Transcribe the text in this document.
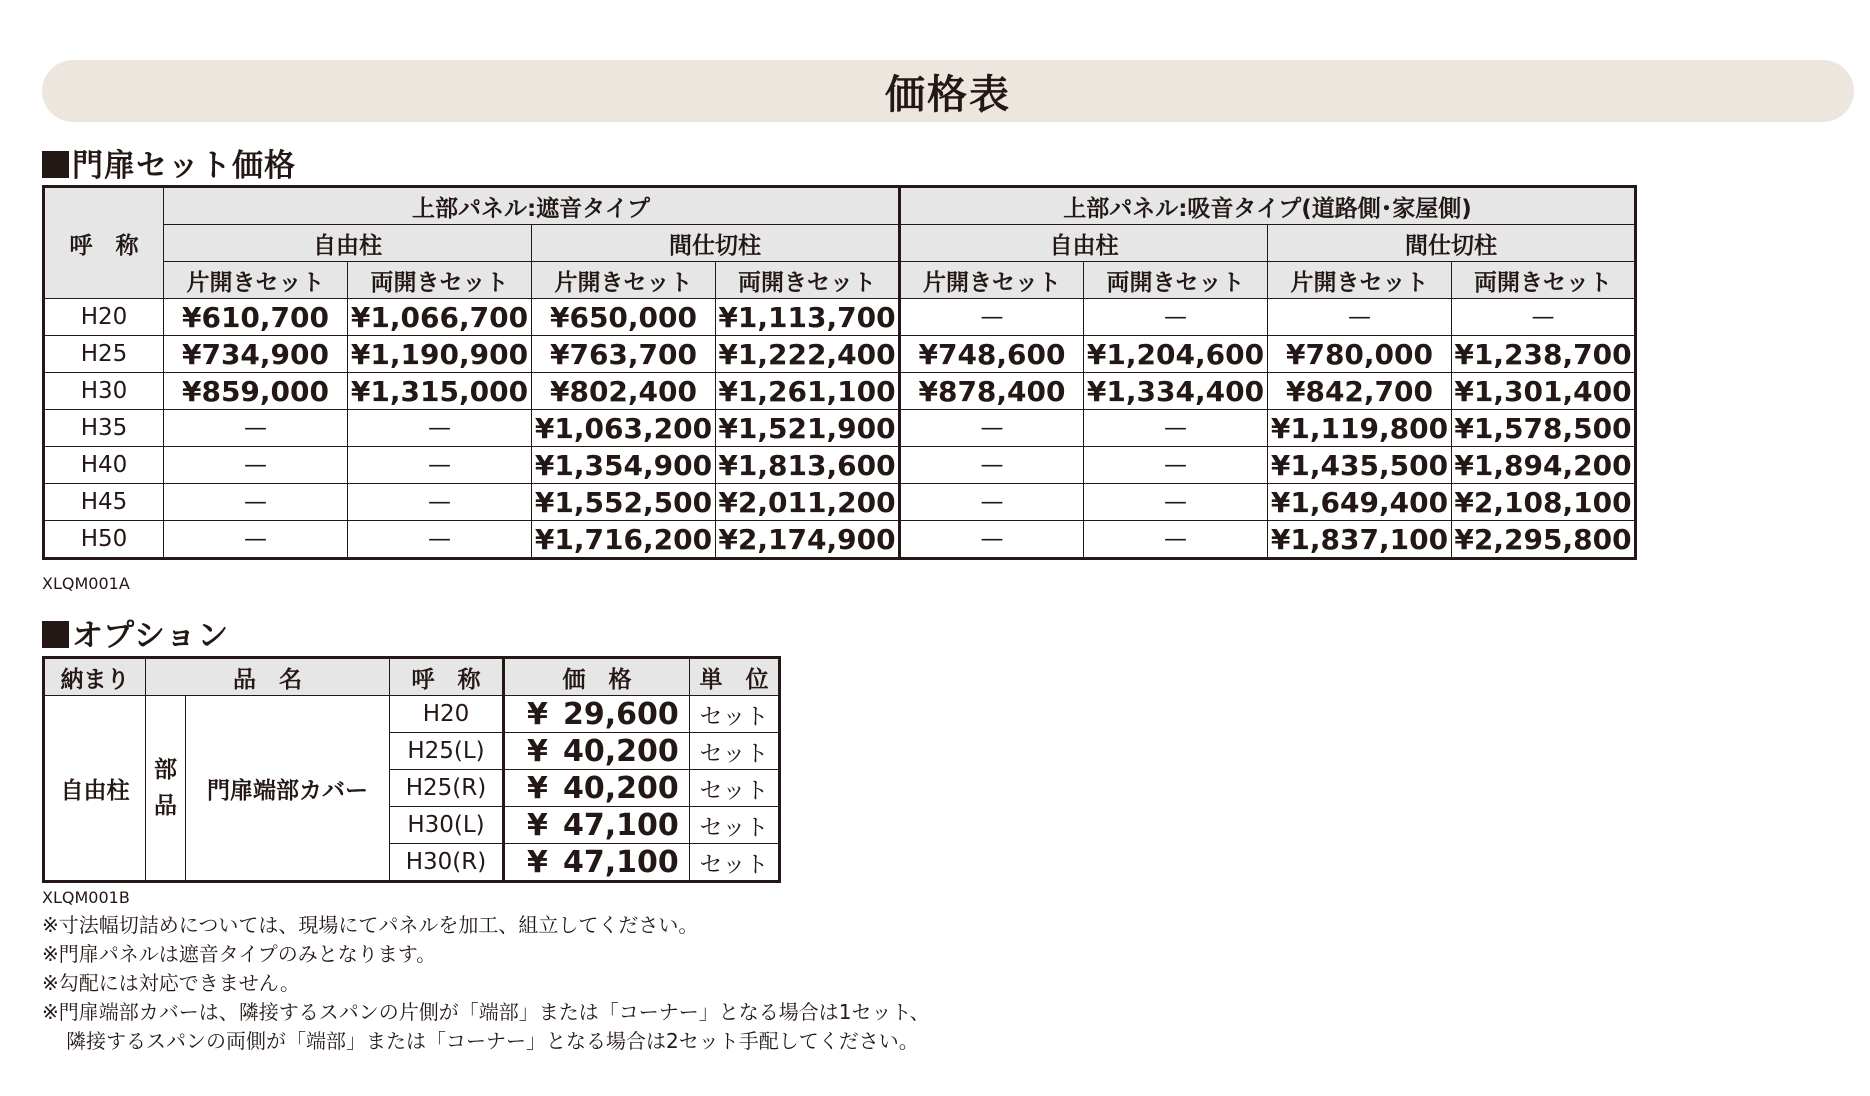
価格表
門扉セット価格
呼　称	上部パネル:遮音タイプ				上部パネル:吸音タイプ(道路側･家屋側)			
	自由柱		間仕切柱		自由柱		間仕切柱	
	片開きセット	両開きセット	片開きセット	両開きセット	片開きセット	両開きセット	片開きセット	両開きセット
H20	¥610,700	¥1,066,700	¥650,000	¥1,113,700	—	—	—	—
H25	¥734,900	¥1,190,900	¥763,700	¥1,222,400	¥748,600	¥1,204,600	¥780,000	¥1,238,700
H30	¥859,000	¥1,315,000	¥802,400	¥1,261,100	¥878,400	¥1,334,400	¥842,700	¥1,301,400
H35	—	—	¥1,063,200	¥1,521,900	—	—	¥1,119,800	¥1,578,500
H40	—	—	¥1,354,900	¥1,813,600	—	—	¥1,435,500	¥1,894,200
H45	—	—	¥1,552,500	¥2,011,200	—	—	¥1,649,400	¥2,108,100
H50	—	—	¥1,716,200	¥2,174,900	—	—	¥1,837,100	¥2,295,800
XLQM001A
オプション
納まり	品　名		呼　称	価　格	単　位
自由柱	部品	門扉端部カバー	H20	¥ 29,600	セット
			H25(L)	¥ 40,200	セット
			H25(R)	¥ 40,200	セット
			H30(L)	¥ 47,100	セット
			H30(R)	¥ 47,100	セット
XLQM001B
※寸法幅切詰めについては、現場にてパネルを加工、組立してください。
※門扉パネルは遮音タイプのみとなります。
※勾配には対応できません。
※門扉端部カバーは、隣接するスパンの片側が「端部」または「コーナー」となる場合は1セット、
隣接するスパンの両側が「端部」または「コーナー」となる場合は2セット手配してください。
